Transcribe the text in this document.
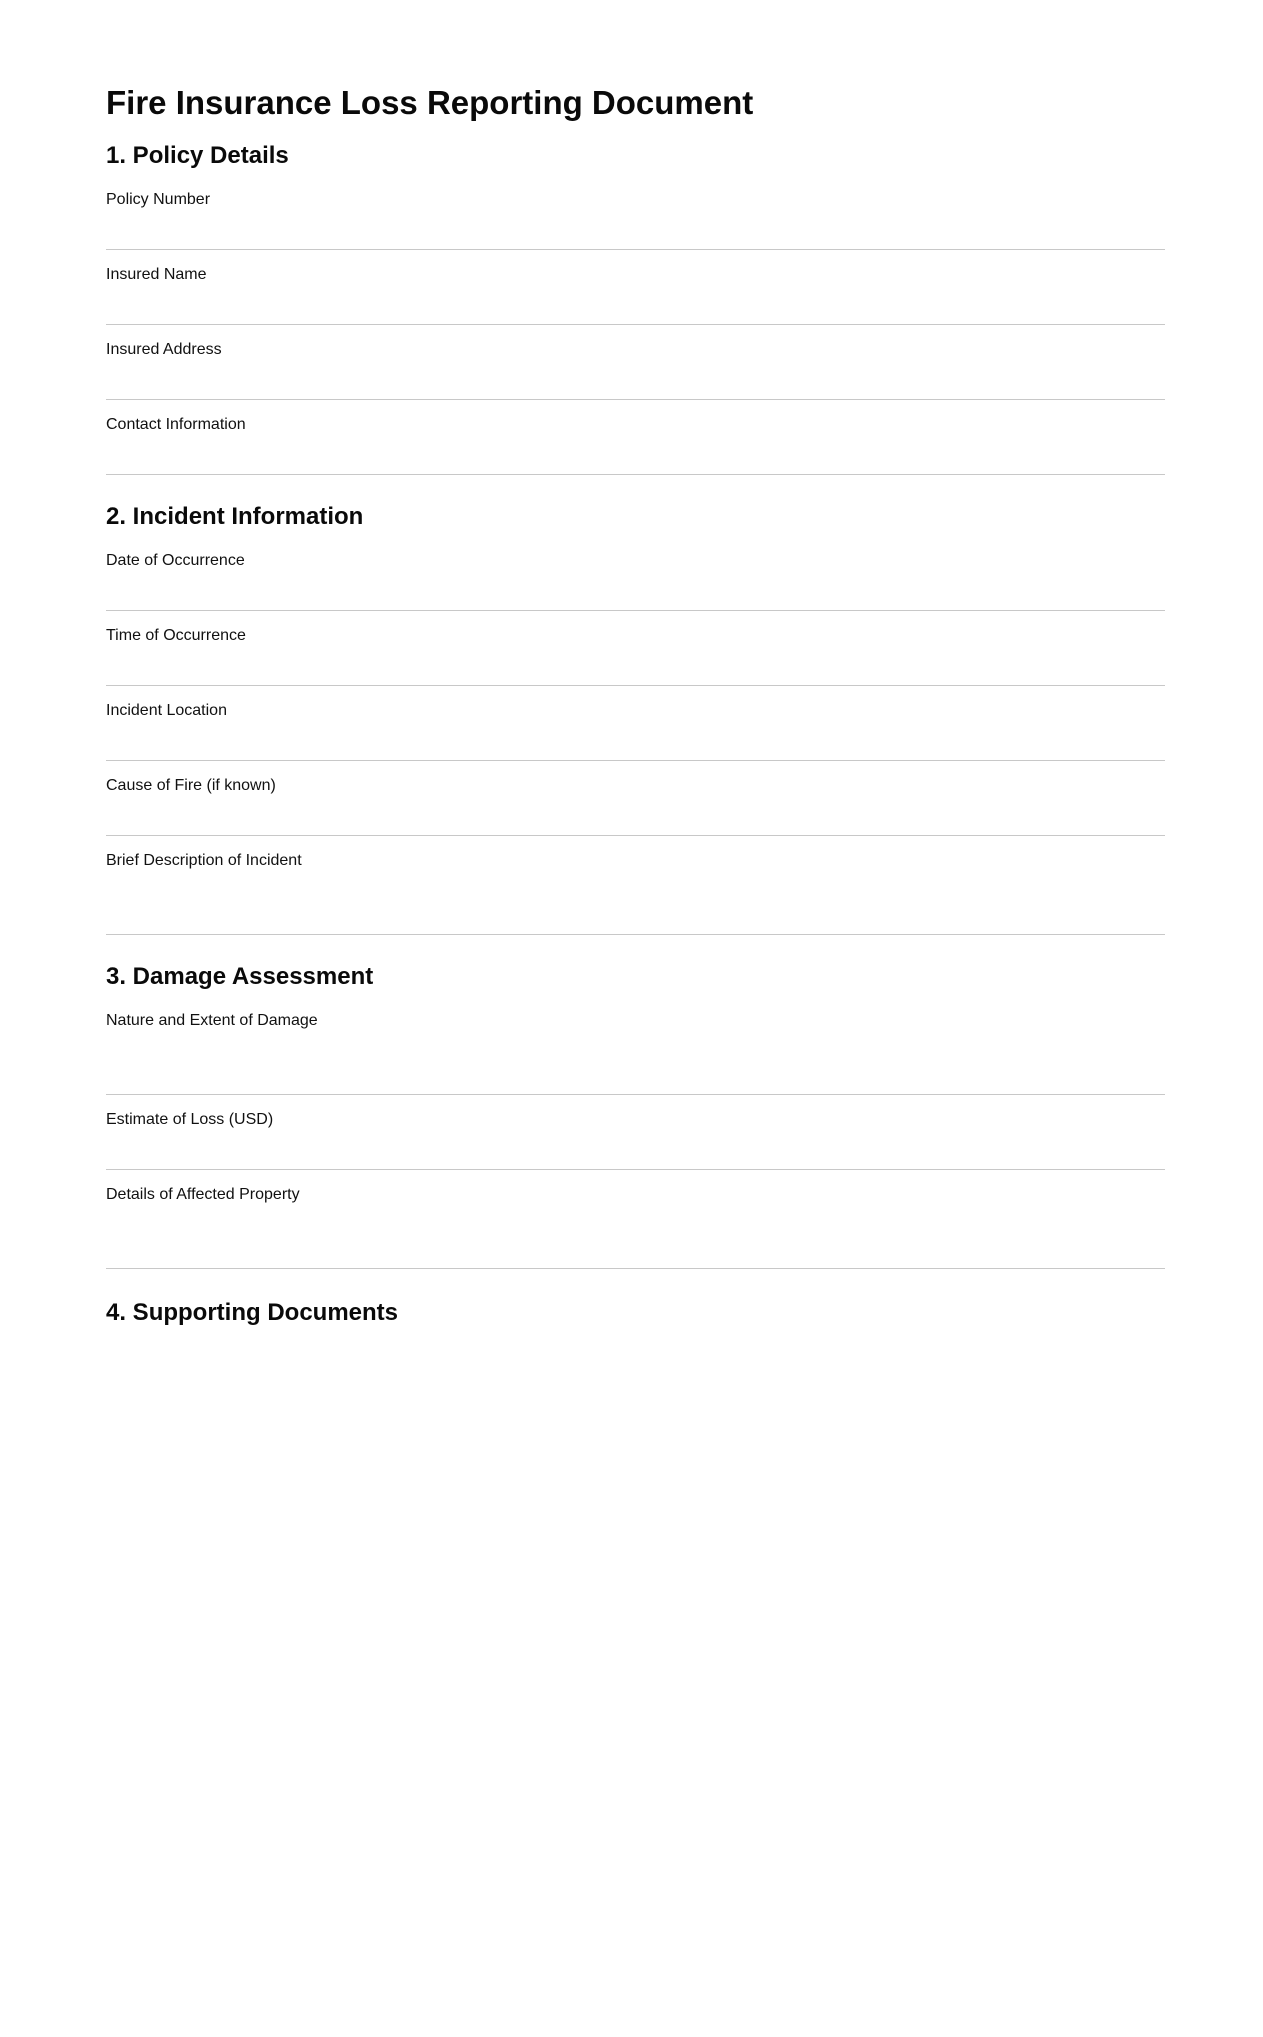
Fire Insurance Loss Reporting Document
1. Policy Details
Policy Number
Insured Name
Insured Address
Contact Information
2. Incident Information
Date of Occurrence
Time of Occurrence
Incident Location
Cause of Fire (if known)
Brief Description of Incident
3. Damage Assessment
Nature and Extent of Damage
Estimate of Loss (USD)
Details of Affected Property
4. Supporting Documents
